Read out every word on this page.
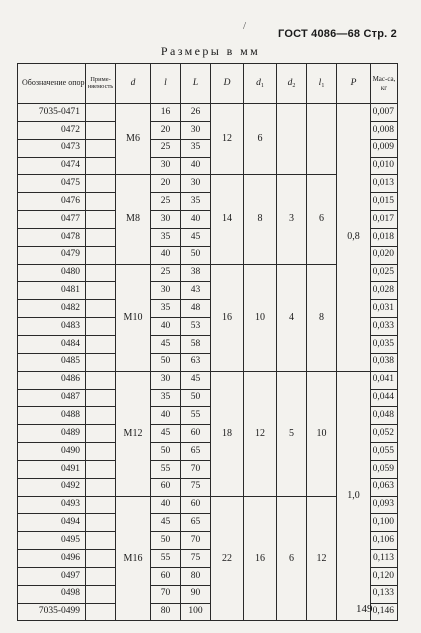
/
ГОСТ 4086—68 Стр. 2
Размеры в мм
Обозначение опор	Приме-няемость	d	l	L	D	$d_1$	$d_2$	$l_1$	P	Мас-са, кг
7035-0471		M6	16	26	12	6			0,8	0,007
0472			20	30						0,008
0473			25	35						0,009
0474			30	40						0,010
0475		M8	20	30	14	8	3	6		0,013
0476			25	35						0,015
0477			30	40						0,017
0478			35	45						0,018
0479			40	50						0,020
0480		M10	25	38	16	10	4	8		0,025
0481			30	43						0,028
0482			35	48						0,031
0483			40	53						0,033
0484			45	58						0,035
0485			50	63						0,038
0486		M12	30	45	18	12	5	10	1,0	0,041
0487			35	50						0,044
0488			40	55						0,048
0489			45	60						0,052
0490			50	65						0,055
0491			55	70						0,059
0492			60	75						0,063
0493		M16	40	60	22	16	6	12		0,093
0494			45	65						0,100
0495			50	70						0,106
0496			55	75						0,113
0497			60	80						0,120
0498			70	90						0,133
7035-0499			80	100						0,146
149
